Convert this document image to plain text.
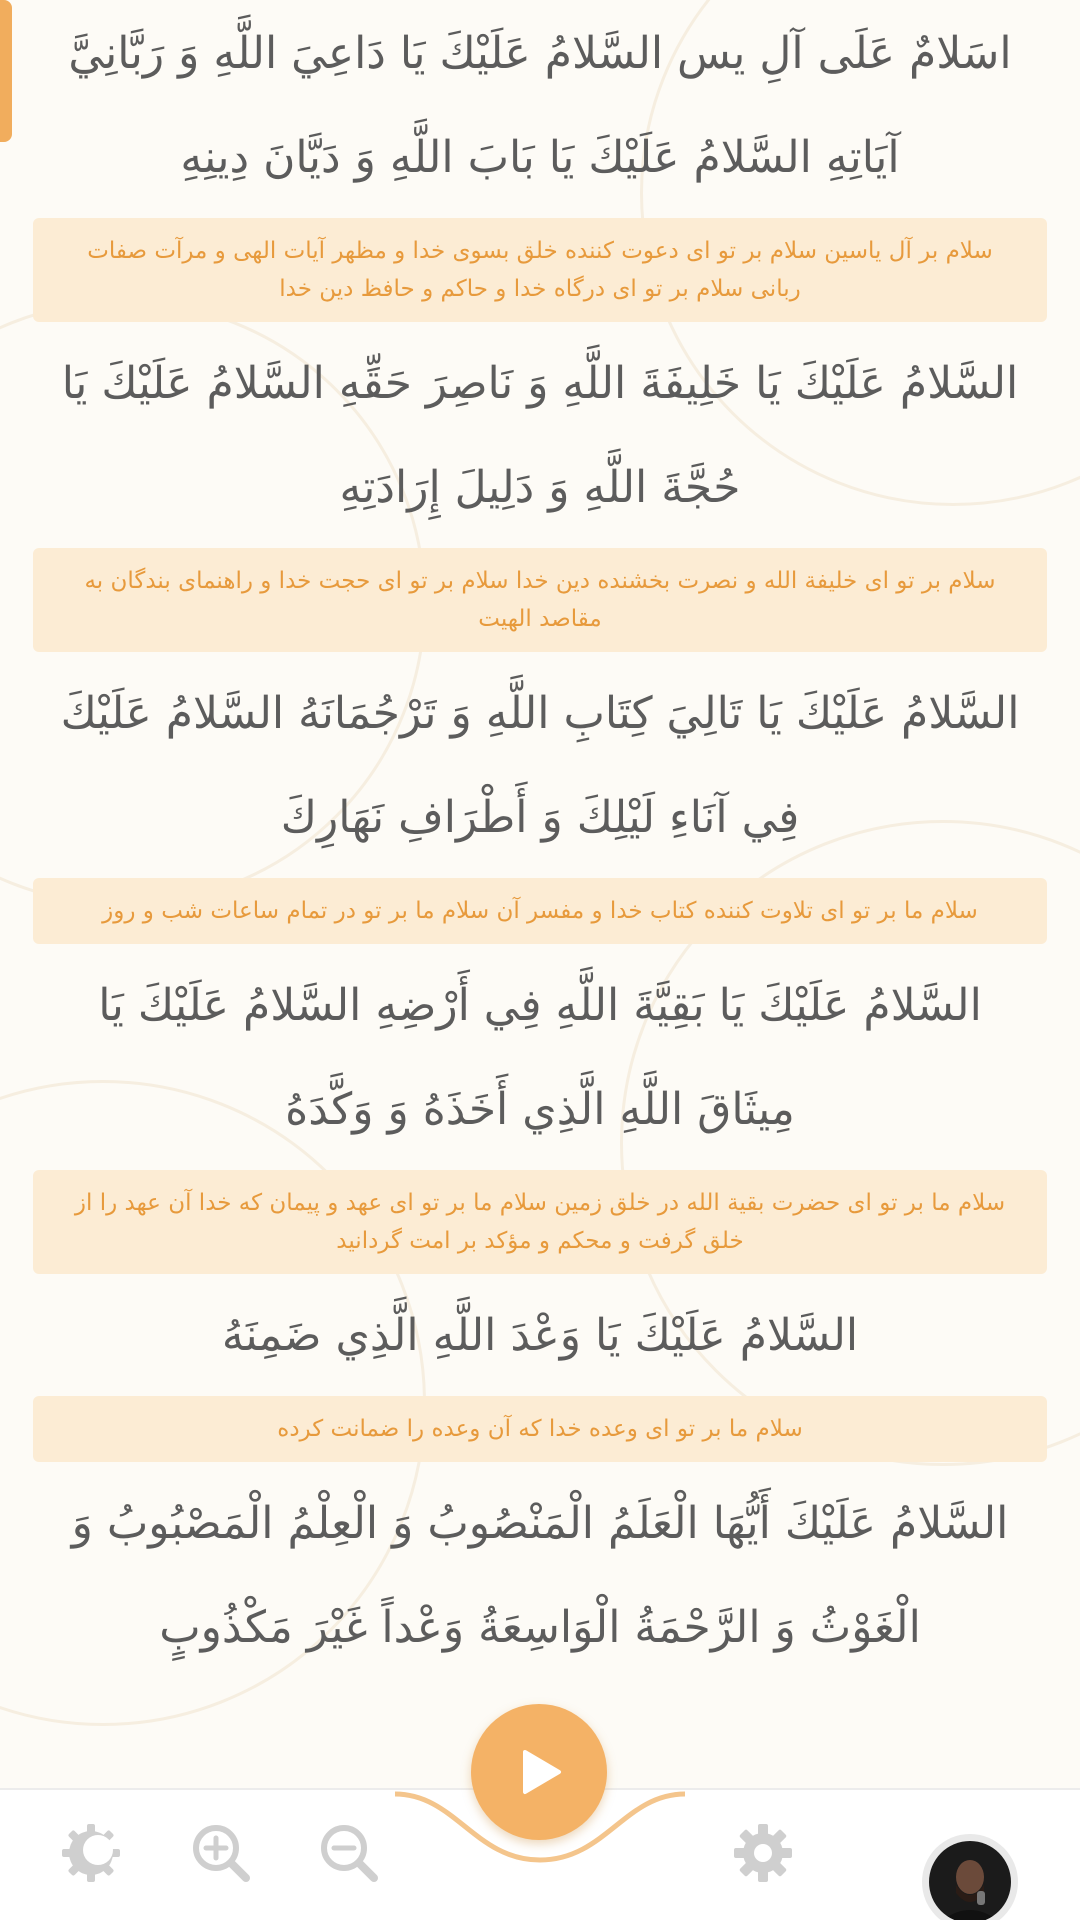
اسَلامٌ عَلَى آلِ يس السَّلامُ عَلَيْكَ يَا دَاعِيَ اللَّهِ وَ رَبَّانِيَّ آيَاتِهِ السَّلامُ عَلَيْكَ يَا بَابَ اللَّهِ وَ دَيَّانَ دِينِهِ

سلام بر آل یاسین سلام بر تو ای دعوت کننده خلق بسوی خدا و مظهر آیات الهی و مرآت صفات ربانی سلام بر تو ای درگاه خدا و حاکم و حافظ دین خدا

السَّلامُ عَلَيْكَ يَا خَلِيفَةَ اللَّهِ وَ نَاصِرَ حَقِّهِ السَّلامُ عَلَيْكَ يَا حُجَّةَ اللَّهِ وَ دَلِيلَ إِرَادَتِهِ

سلام بر تو ای خلیفة الله و نصرت بخشنده دین خدا سلام بر تو ای حجت خدا و راهنمای بندگان به مقاصد الهیت

السَّلامُ عَلَيْكَ يَا تَالِيَ كِتَابِ اللَّهِ وَ تَرْجُمَانَهُ السَّلامُ عَلَيْكَ فِي آنَاءِ لَيْلِكَ وَ أَطْرَافِ نَهَارِكَ

سلام ما بر تو ای تلاوت کننده کتاب خدا و مفسر آن سلام ما بر تو در تمام ساعات شب و روز

السَّلامُ عَلَيْكَ يَا بَقِيَّةَ اللَّهِ فِي أَرْضِهِ السَّلامُ عَلَيْكَ يَا مِيثَاقَ اللَّهِ الَّذِي أَخَذَهُ وَ وَكَّدَهُ

سلام ما بر تو ای حضرت بقیة الله در خلق زمین سلام ما بر تو ای عهد و پیمان که خدا آن عهد را از خلق گرفت و محکم و مؤکد بر امت گردانید

السَّلامُ عَلَيْكَ يَا وَعْدَ اللَّهِ الَّذِي ضَمِنَهُ

سلام ما بر تو ای وعده خدا که آن وعده را ضمانت کرده

السَّلامُ عَلَيْكَ أَيُّهَا الْعَلَمُ الْمَنْصُوبُ وَ الْعِلْمُ الْمَصْبُوبُ وَ الْغَوْثُ وَ الرَّحْمَةُ الْوَاسِعَةُ وَعْداً غَيْرَ مَكْذُوبٍ
